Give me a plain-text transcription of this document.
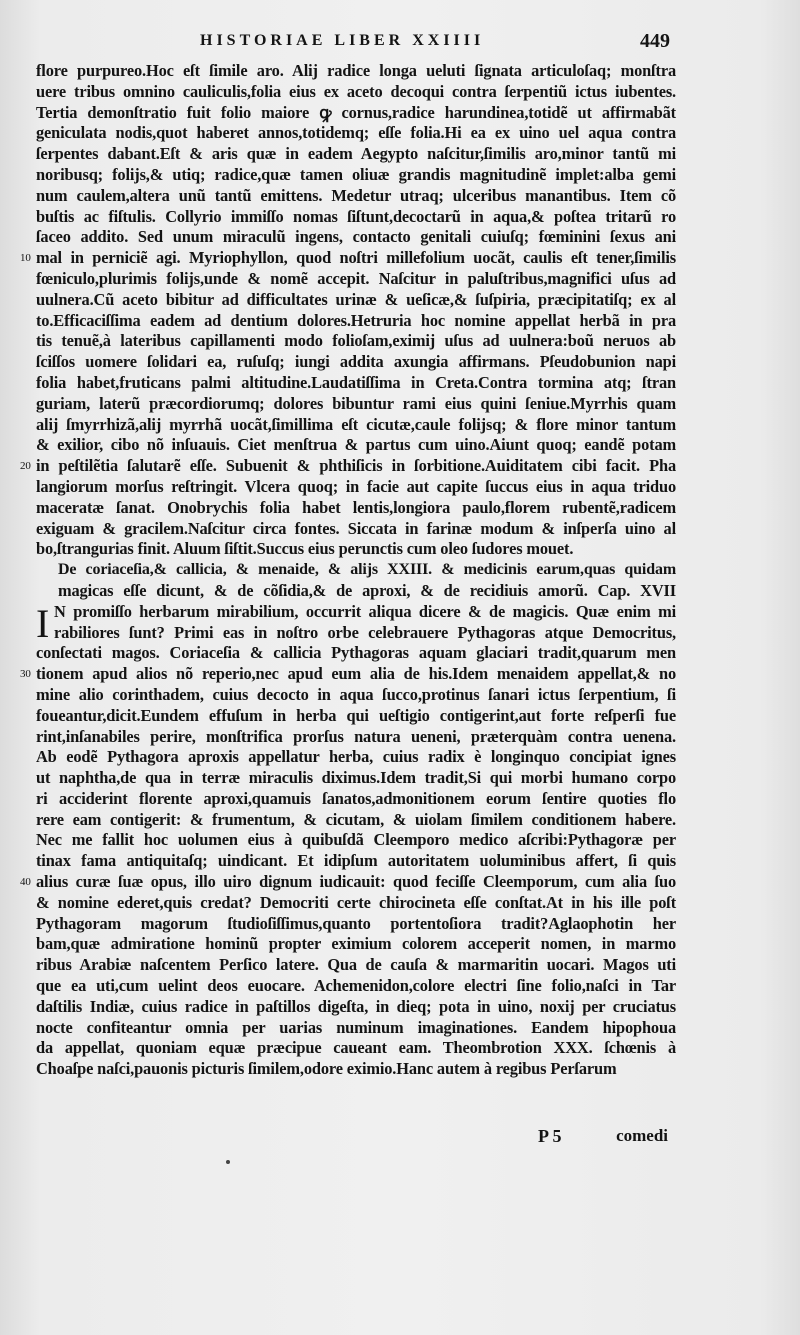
HISTORIAE LIBER XXIIII	449
flore purpureo.Hoc eſt ſimile aro. Alij radice longa ueluti ſignata articuloſaq; monſtra
uere tribus omnino cauliculis,folia eius ex aceto decoqui contra ſerpentiũ ictus iubentes.
Tertia demonſtratio fuit folio maiore ꝙ cornus,radice harundinea,totidẽ ut affirmabãt
geniculata nodis,quot haberet annos,totidemq; eſſe folia.Hi ea ex uino uel aqua contra
ſerpentes dabant.Eſt & aris quæ in eadem Aegypto naſcitur,ſimilis aro,minor tantũ mi
noribusq; folijs,& utiq; radice,quæ tamen oliuæ grandis magnitudinẽ implet:alba gemi
num caulem,altera unũ tantũ emittens. Medetur utraq; ulceribus manantibus. Item cõ
buſtis ac fiſtulis. Collyrio immiſſo nomas ſiſtunt,decoctarũ in aqua,& poſtea tritarũ ro
ſaceo addito. Sed unum miraculũ ingens, contacto genitali cuiuſq; fœminini ſexus ani
10 mal in perniciẽ agi. Myriophyllon, quod noſtri millefolium uocãt, caulis eſt tener,ſimilis
fœniculo,plurimis folijs,unde & nomẽ accepit. Naſcitur in paluſtribus,magnifici uſus ad
uulnera.Cũ aceto bibitur ad difficultates urinæ & ueſicæ,& ſuſpiria, præcipitatiſq; ex al
to.Efficaciſſima eadem ad dentium dolores.Hetruria hoc nomine appellat herbã in pra
tis tenuẽ,à lateribus capillamenti modo folioſam,eximij uſus ad uulnera:boũ neruos ab
ſciſſos uomere ſolidari ea, ruſuſq; iungi addita axungia affirmans. Pſeudobunion napi
folia habet,fruticans palmi altitudine.Laudatiſſima in Creta.Contra tormina atq; ſtran
guriam, laterũ præcordiorumq; dolores bibuntur rami eius quini ſeniue.Myrrhis quam
alij ſmyrrhizã,alij myrrhã uocãt,ſimillima eſt cicutæ,caule folijsq; & flore minor tantum
& exilior, cibo nõ inſuauis. Ciet menſtrua & partus cum uino.Aiunt quoq; eandẽ potam
20 in peſtilẽtia ſalutarẽ eſſe. Subuenit & phthiſicis in ſorbitione.Auiditatem cibi facit. Pha
langiorum morſus reſtringit. Vlcera quoq; in facie aut capite ſuccus eius in aqua triduo
maceratæ ſanat. Onobrychis folia habet lentis,longiora paulo,florem rubentẽ,radicem
exiguam & gracilem.Naſcitur circa fontes. Siccata in farinæ modum & inſperſa uino al
bo,ſtrangurias finit. Aluum ſiſtit.Succus eius perunctis cum oleo ſudores mouet.
De coriaceſia,& callicia, & menaide, & alijs XXIII. & medicinis earum,quas quidam
magicas eſſe dicunt, & de cõſidia,& de aproxi, & de recidiuis amorũ. Cap. XVII
I N promiſſo herbarum mirabilium, occurrit aliqua dicere & de magicis. Quæ enim mi
rabiliores ſunt? Primi eas in noſtro orbe celebrauere Pythagoras atque Democritus,
conſectati magos. Coriaceſia & callicia Pythagoras aquam glaciari tradit,quarum men
30 tionem apud alios nõ reperio,nec apud eum alia de his.Idem menaidem appellat,& no
mine alio corinthadem, cuius decocto in aqua ſucco,protinus ſanari ictus ſerpentium, ſi
foueantur,dicit.Eundem effuſum in herba qui ueſtigio contigerint,aut forte reſperſi fue
rint,inſanabiles perire, monſtrifica prorſus natura ueneni, præterquàm contra uenena.
Ab eodẽ Pythagora aproxis appellatur herba, cuius radix è longinquo concipiat ignes
ut naphtha,de qua in terræ miraculis diximus.Idem tradit,Si qui morbi humano corpo
ri acciderint florente aproxi,quamuis ſanatos,admonitionem eorum ſentire quoties flo
rere eam contigerit: & frumentum, & cicutam, & uiolam ſimilem conditionem habere.
Nec me fallit hoc uolumen eius à quibuſdã Cleemporo medico aſcribi:Pythagoræ per
tinax fama antiquitaſq; uindicant. Et idipſum autoritatem uoluminibus affert, ſi quis
40 alius curæ ſuæ opus, illo uiro dignum iudicauit: quod feciſſe Cleemporum, cum alia ſuo
& nomine ederet,quis credat? Democriti certe chirocineta eſſe conſtat.At in his ille poſt
Pythagoram magorum ſtudioſiſſimus,quanto portentoſiora tradit?Aglaophotin her
bam,quæ admiratione hominũ propter eximium colorem acceperit nomen, in marmo
ribus Arabiæ naſcentem Perſico latere. Qua de cauſa & marmaritin uocari. Magos uti
que ea uti,cum uelint deos euocare. Achemenidon,colore electri ſine folio,naſci in Tar
daſtilis Indiæ, cuius radice in paſtillos digeſta, in dieq; pota in uino, noxij per cruciatus
nocte confiteantur omnia per uarias numinum imaginationes. Eandem hipophoua
da appellat, quoniam equæ præcipue caueant eam. Theombrotion XXX. ſchœnis à
Choaſpe naſci,pauonis picturis ſimilem,odore eximio.Hanc autem à regibus Perſarum
P 5	comedi
